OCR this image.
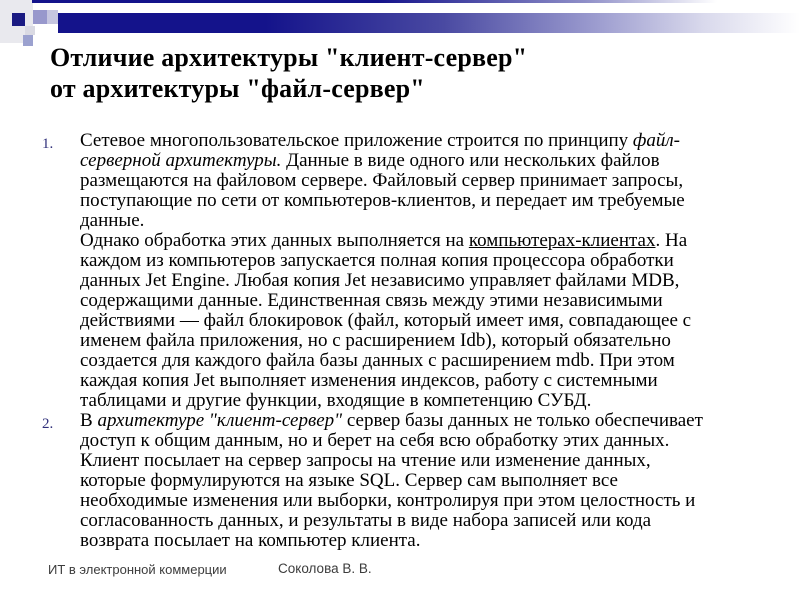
Отличие архитектуры "клиент-сервер"
от архитектуры "файл-сервер"
1.	Сетевое многопользовательское приложение строится по принципу файл-
серверной архитектуры. Данные в виде одного или нескольких файлов
размещаются на файловом сервере. Файловый сервер принимает запросы,
поступающие по сети от компьютеров-клиентов, и передает им требуемые
данные.
Однако обработка этих данных выполняется на компьютерах-клиентах. На
каждом из компьютеров запускается полная копия процессора обработки
данных Jet Engine. Любая копия Jet независимо управляет файлами MDB,
содержащими данные. Единственная связь между этими независимыми
действиями — файл блокировок (файл, который имеет имя, совпадающее с
именем файла приложения, но с расширением Idb), который обязательно
создается для каждого файла базы данных с расширением mdb. При этом
каждая копия Jet выполняет изменения индексов, работу с системными
таблицами и другие функции, входящие в компетенцию СУБД.
2.	В архитектуре "клиент-сервер" сервер базы данных не только обеспечивает
доступ к общим данным, но и берет на себя всю обработку этих данных.
Клиент посылает на сервер запросы на чтение или изменение данных,
которые формулируются на языке SQL. Сервер сам выполняет все
необходимые изменения или выборки, контролируя при этом целостность и
согласованность данных, и результаты в виде набора записей или кода
возврата посылает на компьютер клиента.
ИТ в электронной коммерции	Соколова В. В.
